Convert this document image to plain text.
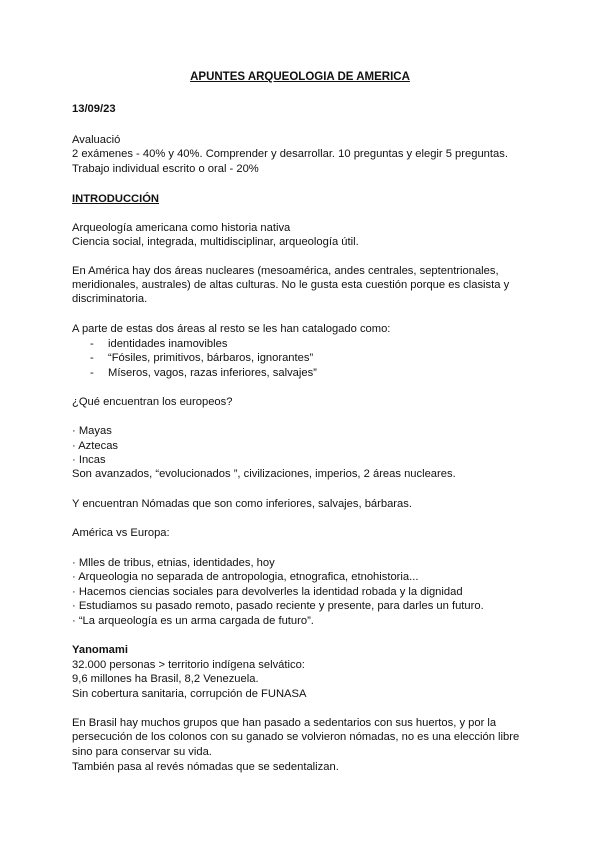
APUNTES ARQUEOLOGIA DE AMERICA
13/09/23
Avaluació
2 exámenes - 40% y 40%. Comprender y desarrollar. 10 preguntas y elegir 5 preguntas.
Trabajo individual escrito o oral - 20%
INTRODUCCIÓN
Arqueología americana como historia nativa
Ciencia social, integrada, multidisciplinar, arqueología útil.
En América hay dos áreas nucleares (mesoamérica, andes centrales, septentrionales,
meridionales, australes) de altas culturas. No le gusta esta cuestión porque es clasista y
discriminatoria.
A parte de estas dos áreas al resto se les han catalogado como:
-	identidades inamovibles
-	“Fósiles, primitivos, bárbaros, ignorantes”
-	Míseros, vagos, razas inferiores, salvajes”
¿Qué encuentran los europeos?
· Mayas
· Aztecas
· Incas
Son avanzados, “evolucionados ”, civilizaciones, imperios, 2 áreas nucleares.
Y encuentran Nómadas que son como inferiores, salvajes, bárbaras.
América vs Europa:
· Mlles de tribus, etnias, identidades, hoy
· Arqueologia no separada de antropologia, etnografica, etnohistoria...
· Hacemos ciencias sociales para devolverles la identidad robada y la dignidad
· Estudiamos su pasado remoto, pasado reciente y presente, para darles un futuro.
· “La arqueología es un arma cargada de futuro”.
Yanomami
32.000 personas > territorio indígena selvático:
9,6 millones ha Brasil, 8,2 Venezuela.
Sin cobertura sanitaria, corrupción de FUNASA
En Brasil hay muchos grupos que han pasado a sedentarios con sus huertos, y por la
persecución de los colonos con su ganado se volvieron nómadas, no es una elección libre
sino para conservar su vida.
También pasa al revés nómadas que se sedentalizan.
